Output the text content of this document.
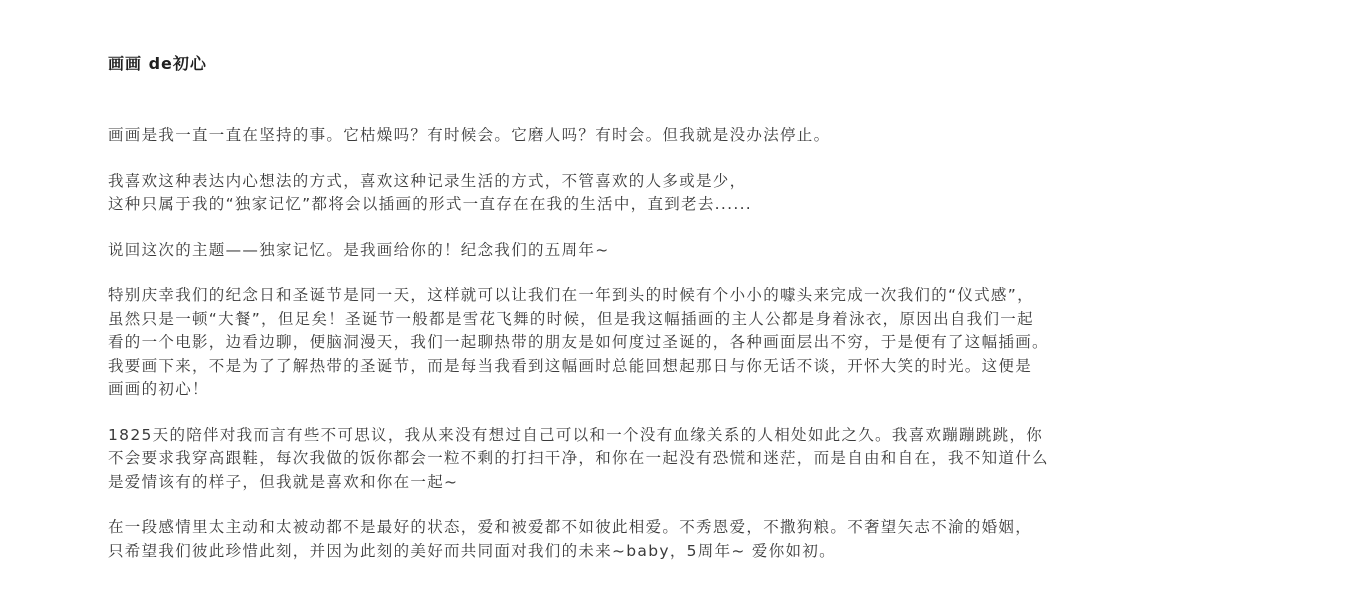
画画 de初心

画画是我一直一直在坚持的事。它枯燥吗？有时候会。它磨人吗？有时会。但我就是没办法停止。

我喜欢这种表达内心想法的方式，喜欢这种记录生活的方式，不管喜欢的人多或是少，
这种只属于我的“独家记忆”都将会以插画的形式一直存在在我的生活中，直到老去......

说回这次的主题——独家记忆。是我画给你的！纪念我们的五周年~

特别庆幸我们的纪念日和圣诞节是同一天，这样就可以让我们在一年到头的时候有个小小的噱头来完成一次我们的“仪式感”，
虽然只是一顿“大餐”，但足矣！圣诞节一般都是雪花飞舞的时候，但是我这幅插画的主人公都是身着泳衣，原因出自我们一起
看的一个电影，边看边聊，便脑洞漫天，我们一起聊热带的朋友是如何度过圣诞的，各种画面层出不穷，于是便有了这幅插画。
我要画下来，不是为了了解热带的圣诞节，而是每当我看到这幅画时总能回想起那日与你无话不谈，开怀大笑的时光。这便是
画画的初心！

1825天的陪伴对我而言有些不可思议，我从来没有想过自己可以和一个没有血缘关系的人相处如此之久。我喜欢蹦蹦跳跳，你
不会要求我穿高跟鞋，每次我做的饭你都会一粒不剩的打扫干净，和你在一起没有恐慌和迷茫，而是自由和自在，我不知道什么
是爱情该有的样子，但我就是喜欢和你在一起~

在一段感情里太主动和太被动都不是最好的状态，爱和被爱都不如彼此相爱。不秀恩爱，不撒狗粮。不奢望矢志不渝的婚姻，
只希望我们彼此珍惜此刻，并因为此刻的美好而共同面对我们的未来~baby，5周年~ 爱你如初。
